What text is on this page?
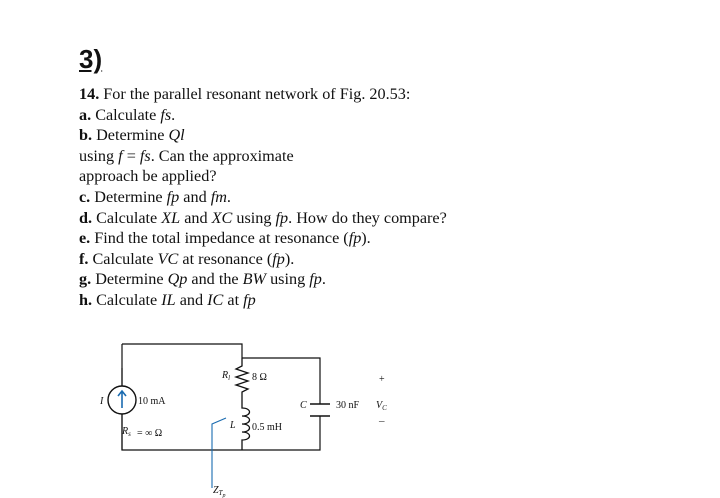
3)
14. For the parallel resonant network of Fig. 20.53:
a. Calculate fs.
b. Determine Ql
using f = fs. Can the approximate
approach be applied?
c. Determine fp and fm.
d. Calculate XL and XC using fp. How do they compare?
e. Find the total impedance at resonance (fp).
f. Calculate VC at resonance (fp).
g. Determine Qp and the BW using fp.
h. Calculate IL and IC at fp
I	10 mA
$R_s$ = ∞ Ω
$R_l$ 8 Ω
L 0.5 mH
C	30 nF
+
$V_C$
–
$Z_{Tp}$
